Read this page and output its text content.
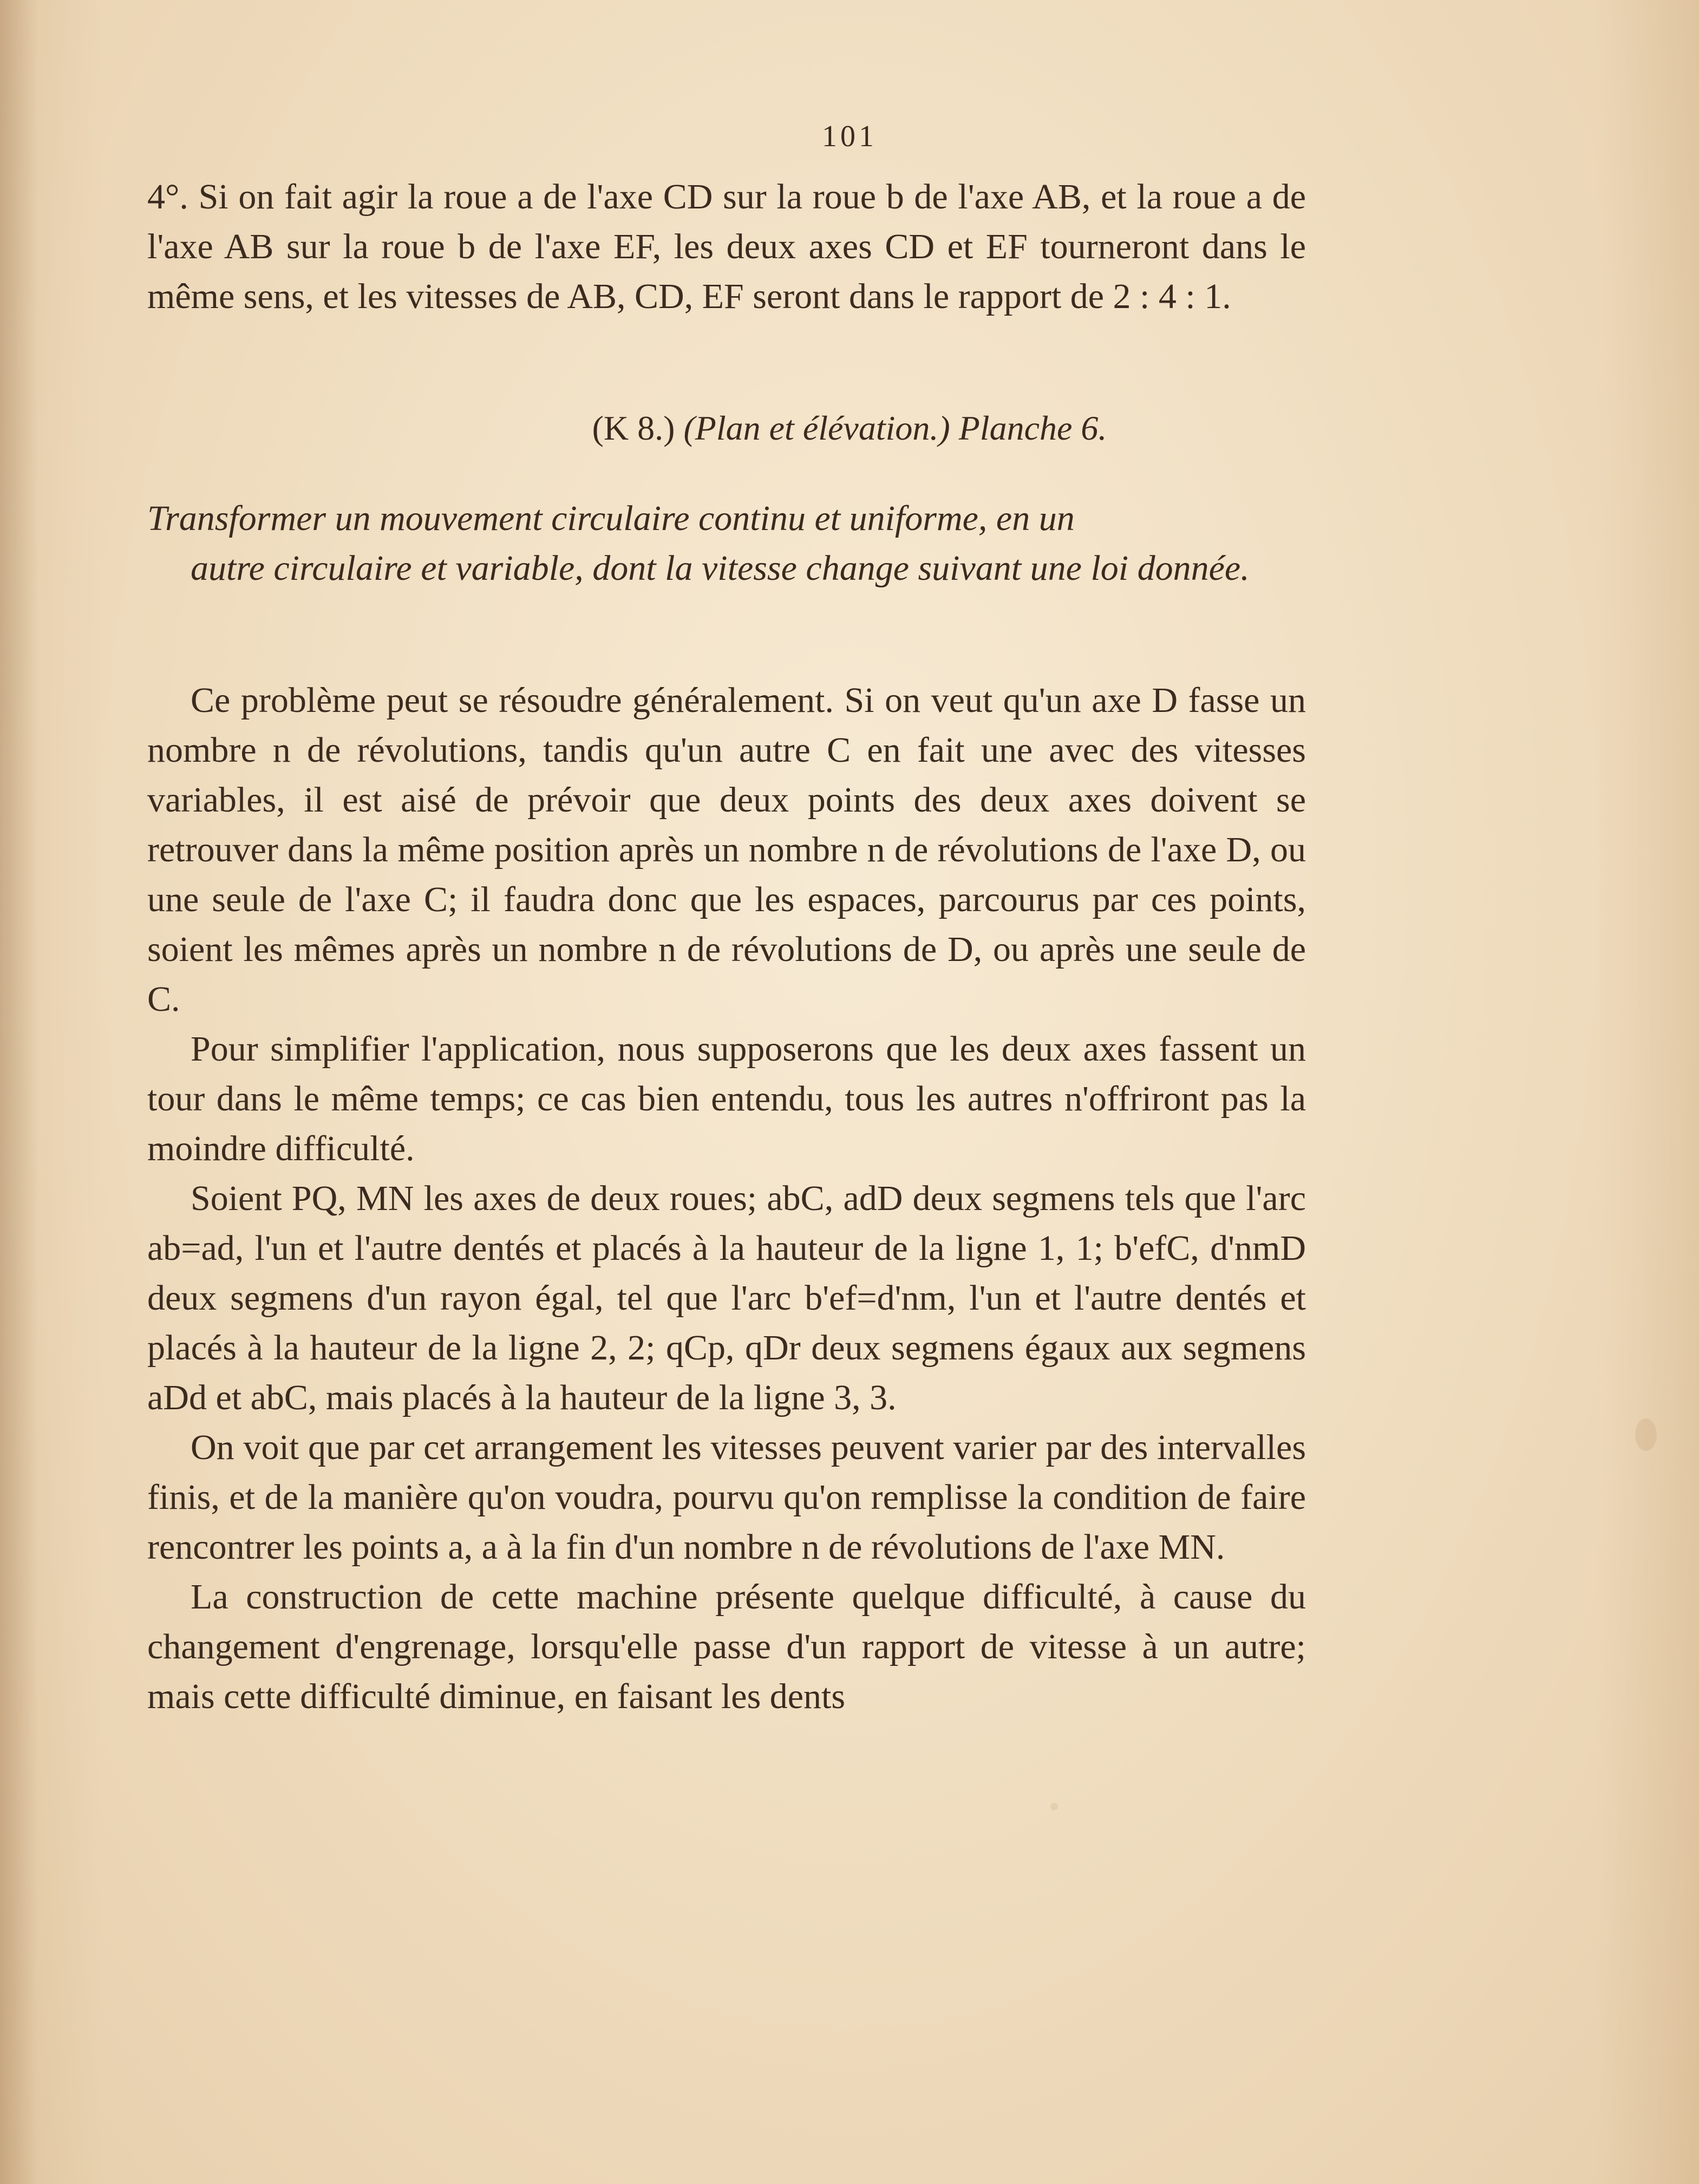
101
4°. Si on fait agir la roue a de l'axe CD sur la roue b de l'axe AB, et la roue a de l'axe AB sur la roue b de l'axe EF, les deux axes CD et EF tourneront dans le même sens, et les vitesses de AB, CD, EF seront dans le rapport de 2 : 4 : 1.
(K 8.) (Plan et élévation.) Planche 6.
Transformer un mouvement circulaire continu et uniforme, en un
autre circulaire et variable, dont la vitesse change suivant une loi donnée.

Ce problème peut se résoudre généralement. Si on veut qu'un axe D fasse un nombre n de révolutions, tandis qu'un autre C en fait une avec des vitesses variables, il est aisé de prévoir que deux points des deux axes doivent se retrouver dans la même position après un nombre n de révolutions de l'axe D, ou une seule de l'axe C; il faudra donc que les espaces, parcourus par ces points, soient les mêmes après un nombre n de révolutions de D, ou après une seule de C.

Pour simplifier l'application, nous supposerons que les deux axes fassent un tour dans le même temps; ce cas bien entendu, tous les autres n'offriront pas la moindre difficulté.

Soient PQ, MN les axes de deux roues; abC, adD deux segmens tels que l'arc ab=ad, l'un et l'autre dentés et placés à la hauteur de la ligne 1, 1; b'efC, d'nmD deux segmens d'un rayon égal, tel que l'arc b'ef=d'nm, l'un et l'autre dentés et placés à la hauteur de la ligne 2, 2; qCp, qDr deux segmens égaux aux segmens aDd et abC, mais placés à la hauteur de la ligne 3, 3.

On voit que par cet arrangement les vitesses peuvent varier par des intervalles finis, et de la manière qu'on voudra, pourvu qu'on remplisse la condition de faire rencontrer les points a, a à la fin d'un nombre n de révolutions de l'axe MN.

La construction de cette machine présente quelque difficulté, à cause du changement d'engrenage, lorsqu'elle passe d'un rapport de vitesse à un autre; mais cette difficulté diminue, en faisant les dents
